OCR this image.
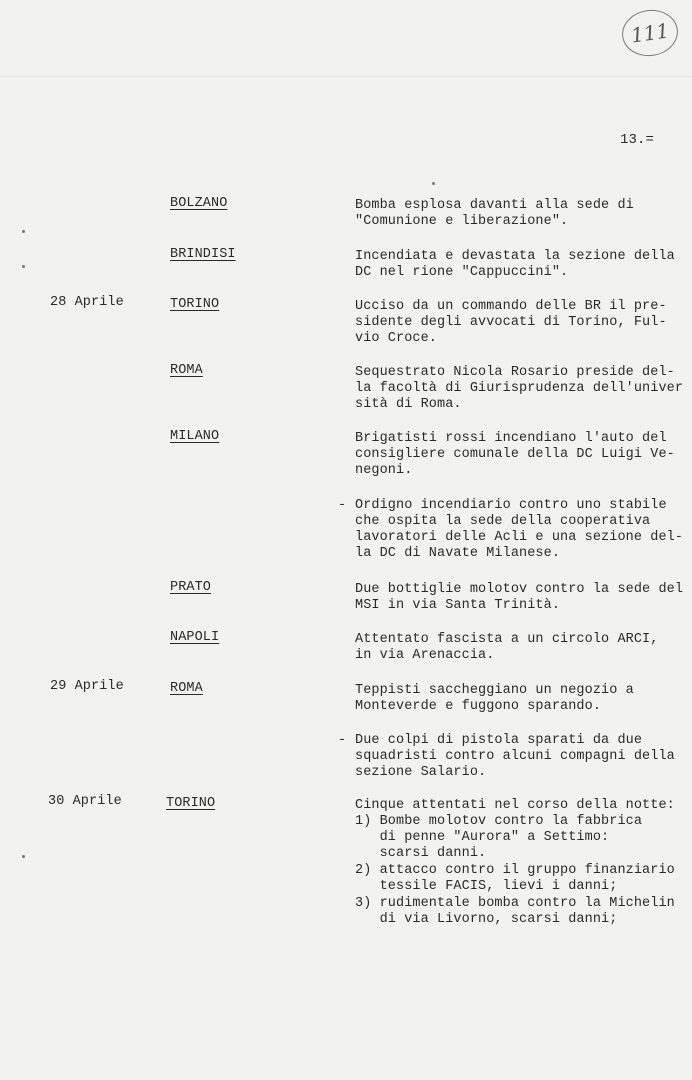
111
13.=
BOLZANO	Bomba esplosa davanti alla sede di
"Comunione e liberazione".
BRINDISI	Incendiata e devastata la sezione della
DC nel rione "Cappuccini".
28 Aprile	TORINO	Ucciso da un commando delle BR il pre-
sidente degli avvocati di Torino, Ful-
vio Croce.
ROMA	Sequestrato Nicola Rosario preside del-
la facoltà di Giurisprudenza dell'univer
sità di Roma.
MILANO	Brigatisti rossi incendiano l'auto del
consigliere comunale della DC Luigi Ve-
negoni.
- Ordigno incendiario contro uno stabile
che ospita la sede della cooperativa
lavoratori delle Acli e una sezione del-
la DC di Navate Milanese.
PRATO	Due bottiglie molotov contro la sede del
MSI in via Santa Trinità.
NAPOLI	Attentato fascista a un circolo ARCI,
in via Arenaccia.
29 Aprile	ROMA	Teppisti saccheggiano un negozio a
Monteverde e fuggono sparando.
- Due colpi di pistola sparati da due
squadristi contro alcuni compagni della
sezione Salario.
30 Aprile	TORINO	Cinque attentati nel corso della notte:
1) Bombe molotov contro la fabbrica
di penne "Aurora" a Settimo:
scarsi danni.
2) attacco contro il gruppo finanziario
tessile FACIS, lievi i danni;
3) rudimentale bomba contro la Michelin
di via Livorno, scarsi danni;
